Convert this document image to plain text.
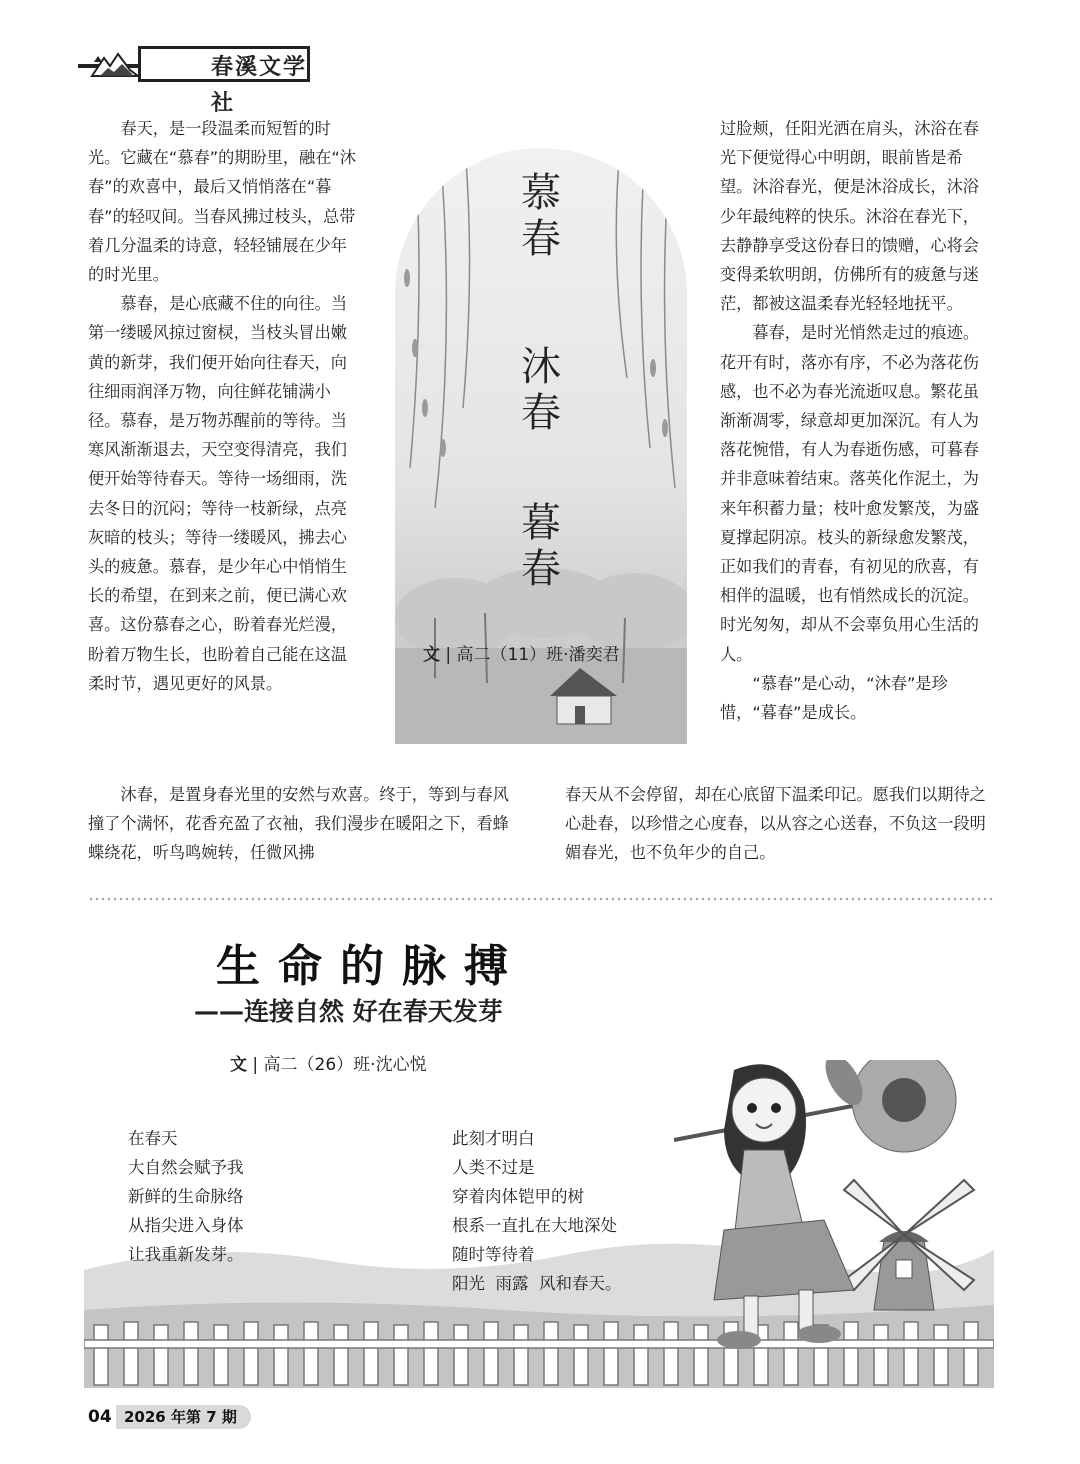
春溪文学社

春天，是一段温柔而短暂的时光。它藏在“慕春”的期盼里，融在“沐春”的欢喜中，最后又悄悄落在“暮春”的轻叹间。当春风拂过枝头，总带着几分温柔的诗意，轻轻铺展在少年的时光里。

慕春，是心底藏不住的向往。当第一缕暖风掠过窗棂，当枝头冒出嫩黄的新芽，我们便开始向往春天，向往细雨润泽万物，向往鲜花铺满小径。慕春，是万物苏醒前的等待。当寒风渐渐退去，天空变得清亮，我们便开始等待春天。等待一场细雨，洗去冬日的沉闷；等待一枝新绿，点亮灰暗的枝头；等待一缕暖风，拂去心头的疲惫。慕春，是少年心中悄悄生长的希望，在到来之前，便已满心欢喜。这份慕春之心，盼着春光烂漫，盼着万物生长，也盼着自己能在这温柔时节，遇见更好的风景。

慕春
沐春
暮春
文 | 高二（11）班·潘奕君

过脸颊，任阳光洒在肩头，沐浴在春光下便觉得心中明朗，眼前皆是希望。沐浴春光，便是沐浴成长，沐浴少年最纯粹的快乐。沐浴在春光下，去静静享受这份春日的馈赠，心将会变得柔软明朗，仿佛所有的疲惫与迷茫，都被这温柔春光轻轻地抚平。

暮春，是时光悄然走过的痕迹。花开有时，落亦有序，不必为落花伤感，也不必为春光流逝叹息。繁花虽渐渐凋零，绿意却更加深沉。有人为落花惋惜，有人为春逝伤感，可暮春并非意味着结束。落英化作泥土，为来年积蓄力量；枝叶愈发繁茂，为盛夏撑起阴凉。枝头的新绿愈发繁茂，正如我们的青春，有初见的欣喜，有相伴的温暖，也有悄然成长的沉淀。时光匆匆，却从不会辜负用心生活的人。

“慕春”是心动，“沐春”是珍惜，“暮春”是成长。

沐春，是置身春光里的安然与欢喜。终于，等到与春风撞了个满怀，花香充盈了衣袖，我们漫步在暖阳之下，看蜂蝶绕花，听鸟鸣婉转，任微风拂

春天从不会停留，却在心底留下温柔印记。愿我们以期待之心赴春，以珍惜之心度春，以从容之心送春，不负这一段明媚春光，也不负年少的自己。

生命的脉搏
——连接自然 好在春天发芽
文 | 高二（26）班·沈心悦
在春天
大自然会赋予我
新鲜的生命脉络
从指尖进入身体
让我重新发芽。
此刻才明白
人类不过是
穿着肉体铠甲的树
根系一直扎在大地深处
随时等待着
阳光  雨露  风和春天。
04 2026 年第 7 期
